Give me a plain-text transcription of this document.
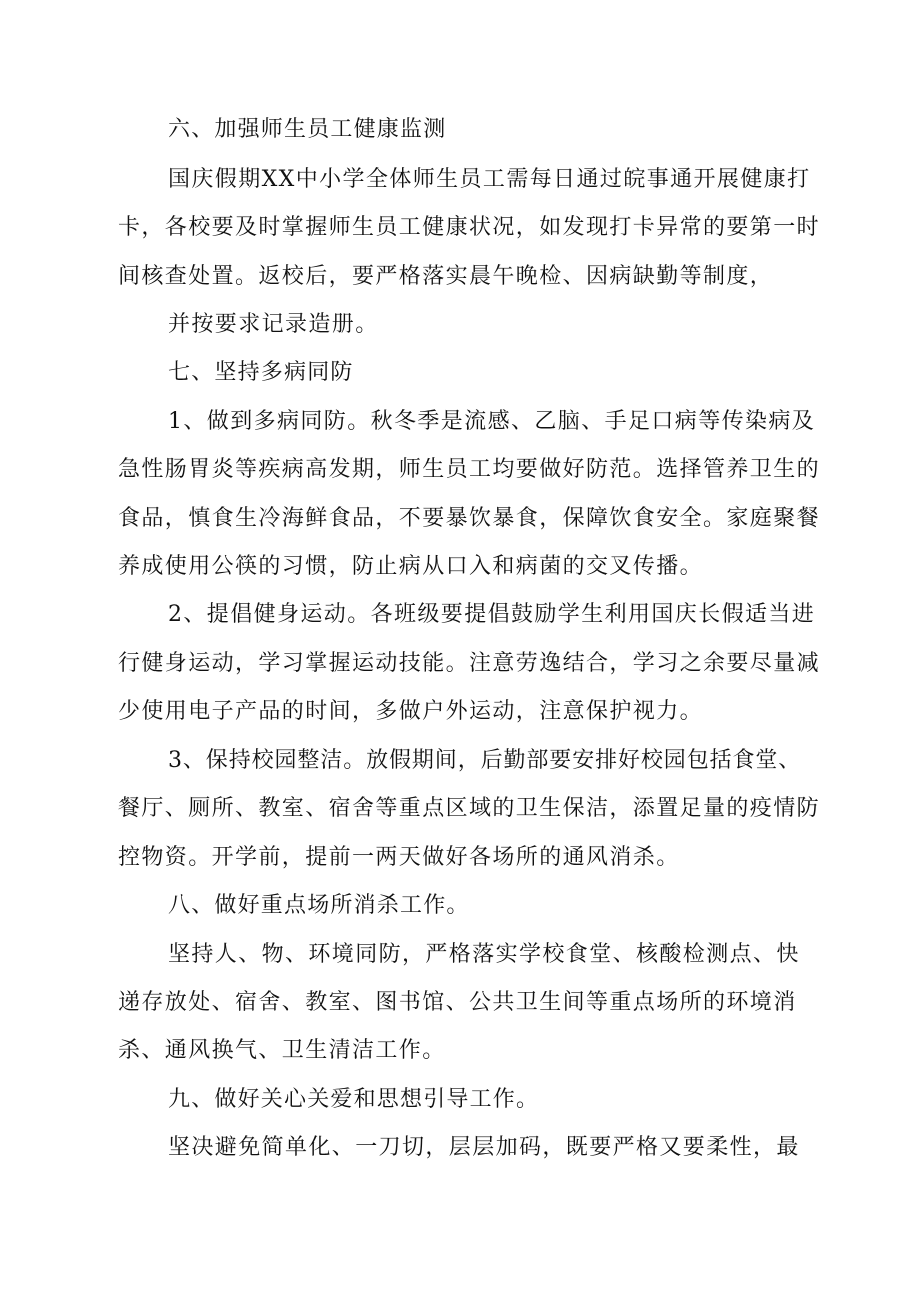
六、加强师生员工健康监测
国庆假期XX中小学全体师生员工需每日通过皖事通开展健康打
卡，各校要及时掌握师生员工健康状况，如发现打卡异常的要第一时
间核查处置。返校后，要严格落实晨午晚检、因病缺勤等制度，
并按要求记录造册。
七、坚持多病同防
1、做到多病同防。秋冬季是流感、乙脑、手足口病等传染病及
急性肠胃炎等疾病高发期，师生员工均要做好防范。选择管养卫生的
食品，慎食生冷海鲜食品，不要暴饮暴食，保障饮食安全。家庭聚餐
养成使用公筷的习惯，防止病从口入和病菌的交叉传播。
2、提倡健身运动。各班级要提倡鼓励学生利用国庆长假适当进
行健身运动，学习掌握运动技能。注意劳逸结合，学习之余要尽量减
少使用电子产品的时间，多做户外运动，注意保护视力。
3、保持校园整洁。放假期间，后勤部要安排好校园包括食堂、
餐厅、厕所、教室、宿舍等重点区域的卫生保洁，添置足量的疫情防
控物资。开学前，提前一两天做好各场所的通风消杀。
八、做好重点场所消杀工作。
坚持人、物、环境同防，严格落实学校食堂、核酸检测点、快
递存放处、宿舍、教室、图书馆、公共卫生间等重点场所的环境消
杀、通风换气、卫生清洁工作。
九、做好关心关爱和思想引导工作。
坚决避免简单化、一刀切，层层加码，既要严格又要柔性，最
